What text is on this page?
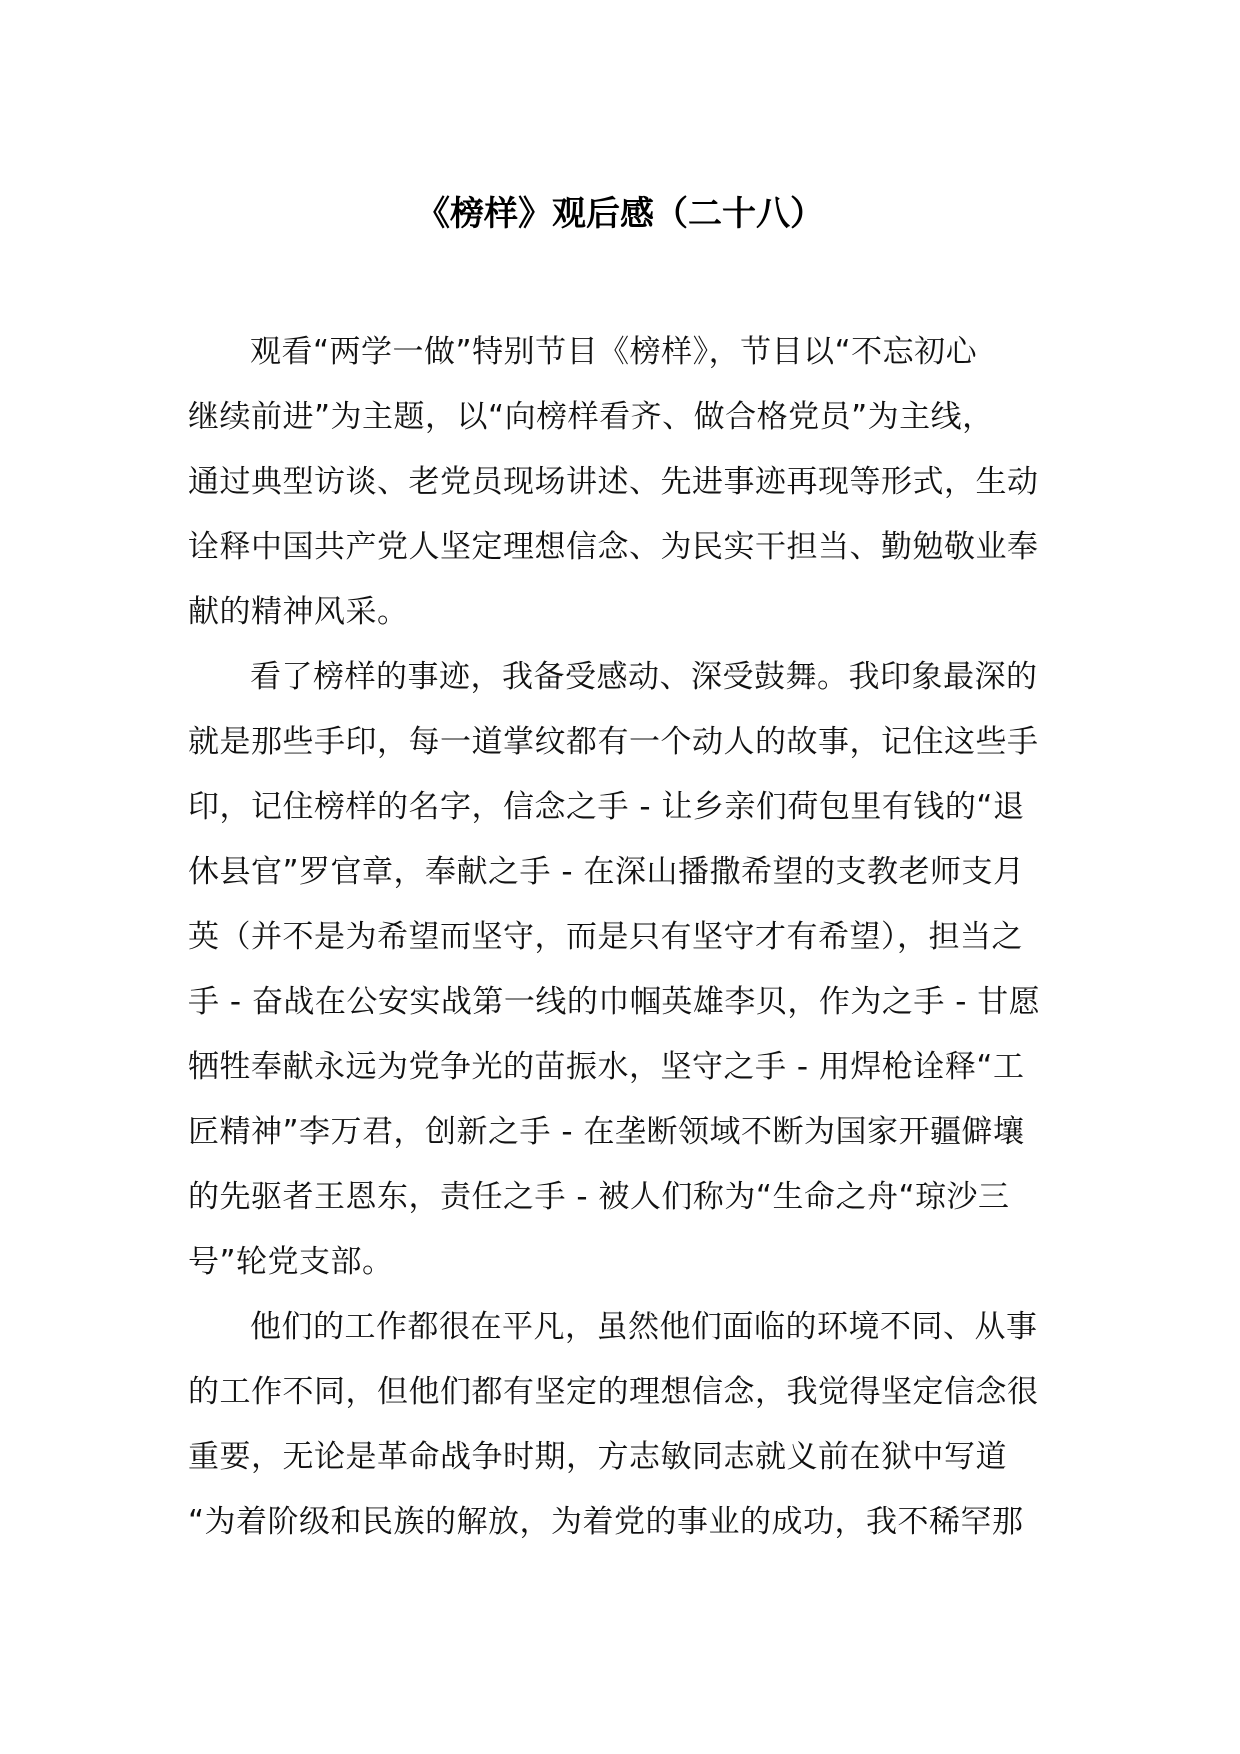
《榜样》观后感（二十八）
观看“两学一做”特别节目《榜样》，节目以“不忘初心
继续前进”为主题，以“向榜样看齐、做合格党员”为主线，
通过典型访谈、老党员现场讲述、先进事迹再现等形式，生动
诠释中国共产党人坚定理想信念、为民实干担当、勤勉敬业奉
献的精神风采。
看了榜样的事迹，我备受感动、深受鼓舞。我印象最深的
就是那些手印，每一道掌纹都有一个动人的故事，记住这些手
印，记住榜样的名字，信念之手 - 让乡亲们荷包里有钱的“退
休县官”罗官章，奉献之手 - 在深山播撒希望的支教老师支月
英（并不是为希望而坚守，而是只有坚守才有希望），担当之
手 - 奋战在公安实战第一线的巾帼英雄李贝，作为之手 - 甘愿
牺牲奉献永远为党争光的苗振水，坚守之手 - 用焊枪诠释“工
匠精神”李万君，创新之手 - 在垄断领域不断为国家开疆僻壤
的先驱者王恩东，责任之手 - 被人们称为“生命之舟“琼沙三
号”轮党支部。
他们的工作都很在平凡，虽然他们面临的环境不同、从事
的工作不同，但他们都有坚定的理想信念，我觉得坚定信念很
重要，无论是革命战争时期，方志敏同志就义前在狱中写道
“为着阶级和民族的解放，为着党的事业的成功，我不稀罕那
